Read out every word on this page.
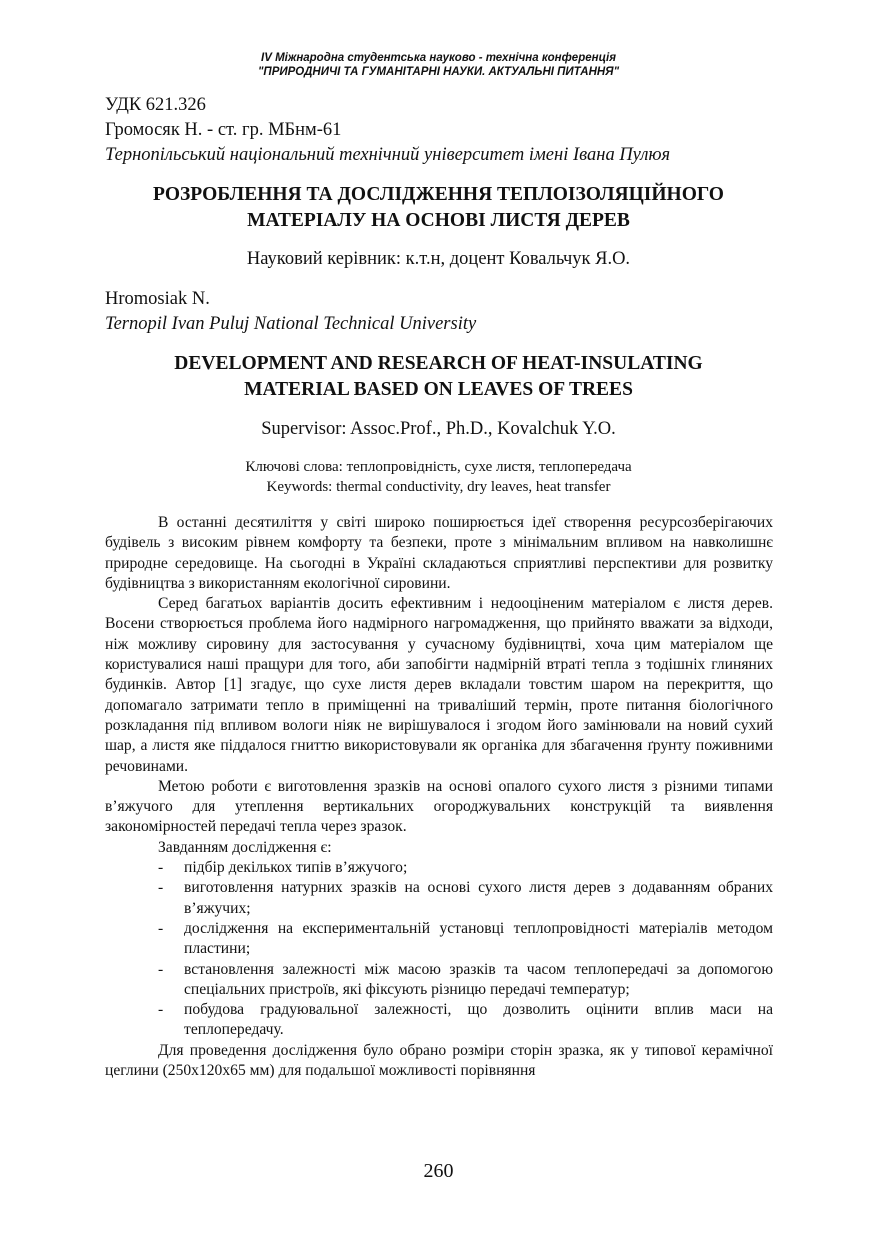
IV Міжнародна студентська науково - технічна конференція
"ПРИРОДНИЧІ ТА ГУМАНІТАРНІ НАУКИ. АКТУАЛЬНІ ПИТАННЯ"
УДК 621.326
Громосяк Н. - ст. гр. МБнм-61
Тернопільський національний технічний університет імені Івана Пулюя
РОЗРОБЛЕННЯ ТА ДОСЛІДЖЕННЯ ТЕПЛОІЗОЛЯЦІЙНОГО
МАТЕРІАЛУ НА ОСНОВІ ЛИСТЯ ДЕРЕВ
Науковий керівник: к.т.н, доцент Ковальчук Я.О.
Hromosiak N.
Ternopil Ivan Puluj National Technical University
DEVELOPMENT AND RESEARCH OF HEAT-INSULATING
MATERIAL BASED ON LEAVES OF TREES
Supervisor: Assoc.Prof., Ph.D., Kovalchuk Y.O.
Ключові слова: теплопровідність, сухе листя, теплопередача
Keywords: thermal conductivity, dry leaves, heat transfer

В останні десятиліття у світі широко поширюється ідеї створення ресурсозберігаючих будівель з високим рівнем комфорту та безпеки, проте з мінімальним впливом на навколишнє природне середовище. На сьогодні в Україні складаються сприятливі перспективи для розвитку будівництва з використанням екологічної сировини.

Серед багатьох варіантів досить ефективним і недооціненим матеріалом є листя дерев. Восени створюється проблема його надмірного нагромадження, що прийнято вважати за відходи, ніж можливу сировину для застосування у сучасному будівництві, хоча цим матеріалом ще користувалися наші пращури для того, аби запобігти надмірній втраті тепла з тодішніх глиняних будинків. Автор [1] згадує, що сухе листя дерев вкладали товстим шаром на перекриття, що допомагало затримати тепло в приміщенні на триваліший термін, проте питання біологічного розкладання під впливом вологи ніяк не вирішувалося і згодом його замінювали на новий сухий шар, а листя яке піддалося гниттю використовували як органіка для збагачення ґрунту поживними речовинами.

Метою роботи є виготовлення зразків на основі опалого сухого листя з різними типами в’яжучого для утеплення вертикальних огороджувальних конструкцій та виявлення закономірностей передачі тепла через зразок.

Завданням дослідження є:

- підбір декількох типів в’яжучого;
- виготовлення натурних зразків на основі сухого листя дерев з додаванням обраних в’яжучих;
- дослідження на експериментальній установці теплопровідності матеріалів методом пластини;
- встановлення залежності між масою зразків та часом теплопередачі за допомогою спеціальних пристроїв, які фіксують різницю передачі температур;
- побудова градуювальної залежності, що дозволить оцінити вплив маси на теплопередачу.

Для проведення дослідження було обрано розміри сторін зразка, як у типової керамічної цеглини (250x120x65 мм) для подальшої можливості порівняння

260
